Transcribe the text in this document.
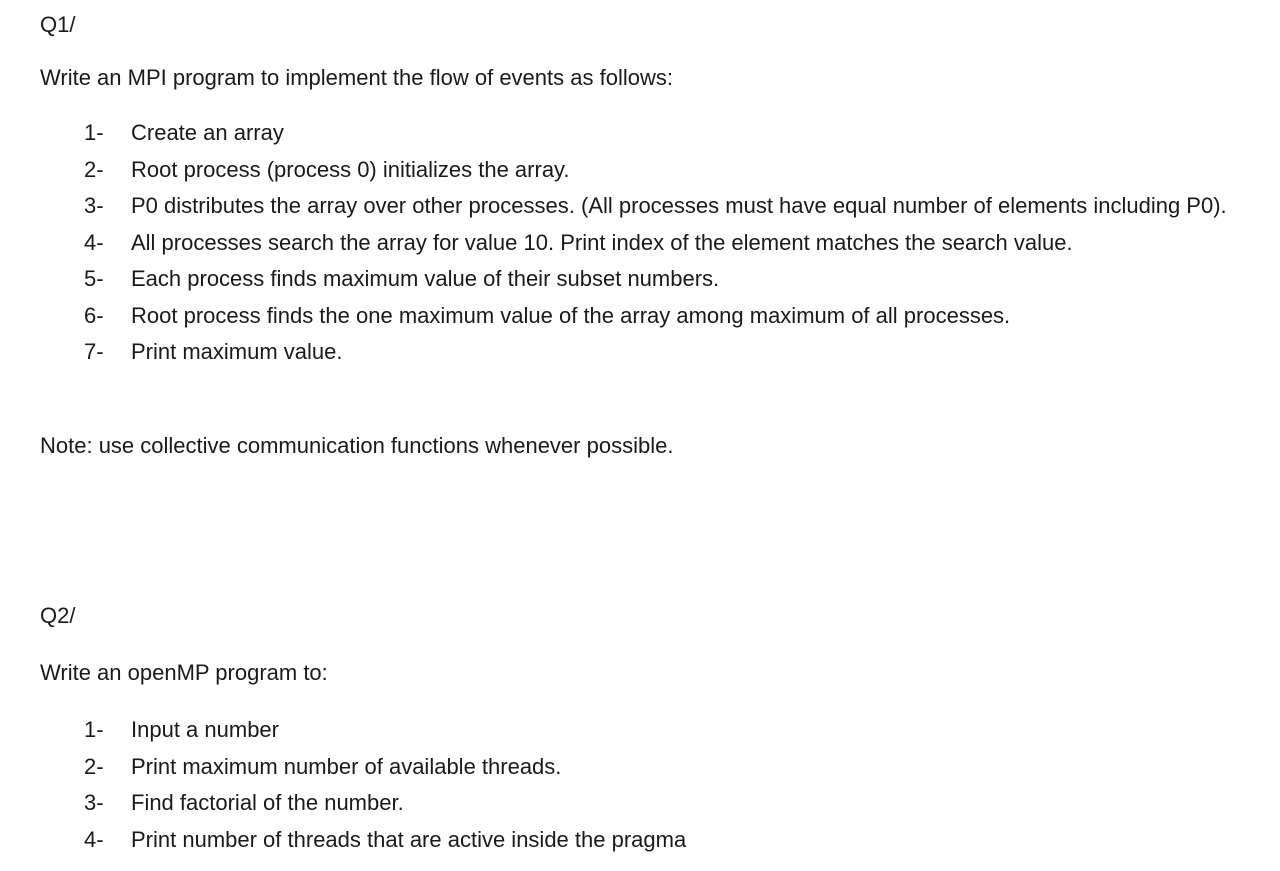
Q1/

Write an MPI program to implement the flow of events as follows:

1- Create an array
2- Root process (process 0) initializes the array.
3- P0 distributes the array over other processes. (All processes must have equal number of elements including P0).
4- All processes search the array for value 10. Print index of the element matches the search value.
5- Each process finds maximum value of their subset numbers.
6- Root process finds the one maximum value of the array among maximum of all processes.
7- Print maximum value.

Note: use collective communication functions whenever possible.

Q2/

Write an openMP program to:

1- Input a number
2- Print maximum number of available threads.
3- Find factorial of the number.
4- Print number of threads that are active inside the pragma
